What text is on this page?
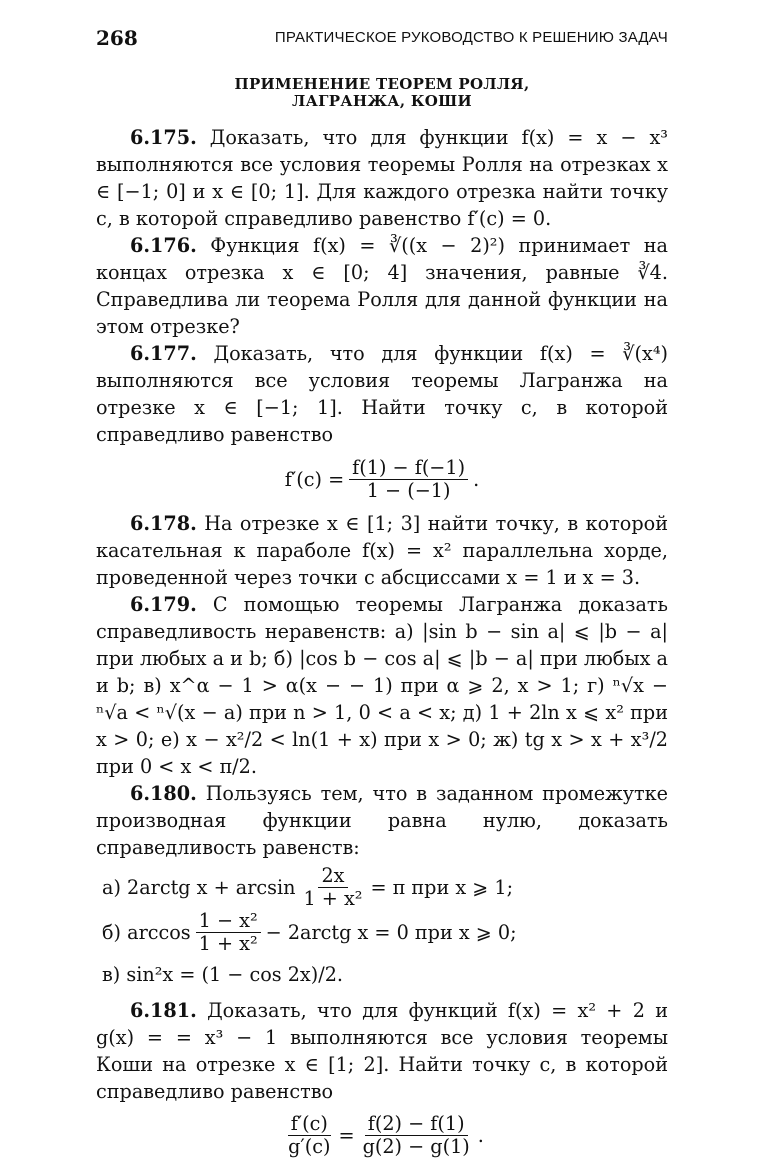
268	ПРАКТИЧЕСКОЕ РУКОВОДСТВО К РЕШЕНИЮ ЗАДАЧ
ПРИМЕНЕНИЕ ТЕОРЕМ РОЛЛЯ,
ЛАГРАНЖА, КОШИ

6.175. Доказать, что для функции f(x) = x − x³ выполняются все условия теоремы Ролля на отрезках x ∈ [−1; 0] и x ∈ [0; 1]. Для каждого отрезка найти точку c, в которой справедливо равенство f′(c) = 0.

6.176. Функция f(x) = ∛((x − 2)²) принимает на концах отрезка x ∈ [0; 4] значения, равные ∛4. Справедлива ли теорема Ролля для данной функции на этом отрезке?

6.177. Доказать, что для функции f(x) = ∛(x⁴) выполняются все условия теоремы Лагранжа на отрезке x ∈ [−1; 1]. Найти точку c, в которой справедливо равенство

$f'(c) = \frac{f(1) - f(-1)}{1 - (-1)}$ .

6.178. На отрезке x ∈ [1; 3] найти точку, в которой касательная к параболе f(x) = x² параллельна хорде, проведенной через точки с абсциссами x = 1 и x = 3.

6.179. С помощью теоремы Лагранжа доказать справедливость неравенств: а) |sin b − sin a| ⩽ |b − a| при любых a и b; б) |cos b − cos a| ⩽ |b − a| при любых a и b; в) x^α − 1 > α(x − − 1) при α ⩾ 2, x > 1; г) ⁿ√x − ⁿ√a < ⁿ√(x − a) при n > 1, 0 < a < x; д) 1 + 2ln x ⩽ x² при x > 0; е) x − x²/2 < ln(1 + x) при x > 0; ж) tg x > x + x³/2 при 0 < x < π/2.

6.180. Пользуясь тем, что в заданном промежутке производная функции равна нулю, доказать справедливость равенств:

а) 2arctg $x + \arcsin \frac{2x}{\text{1 + x²}} = \pi$ при x ⩾ 1;
б) $\arccos \frac{\text{1 − x²}}{\text{1 + x²}}$ − 2arctg x = 0 при x ⩾ 0;
в) sin²x = (1 − cos 2x)/2.

6.181. Доказать, что для функций f(x) = x² + 2 и g(x) = = x³ − 1 выполняются все условия теоремы Коши на отрезке x ∈ [1; 2]. Найти точку c, в которой справедливо равенство

$\frac{f'(c)}{g'(c)} = \frac{f(2) - f(1)}{g(2) - g(1)}$ .
